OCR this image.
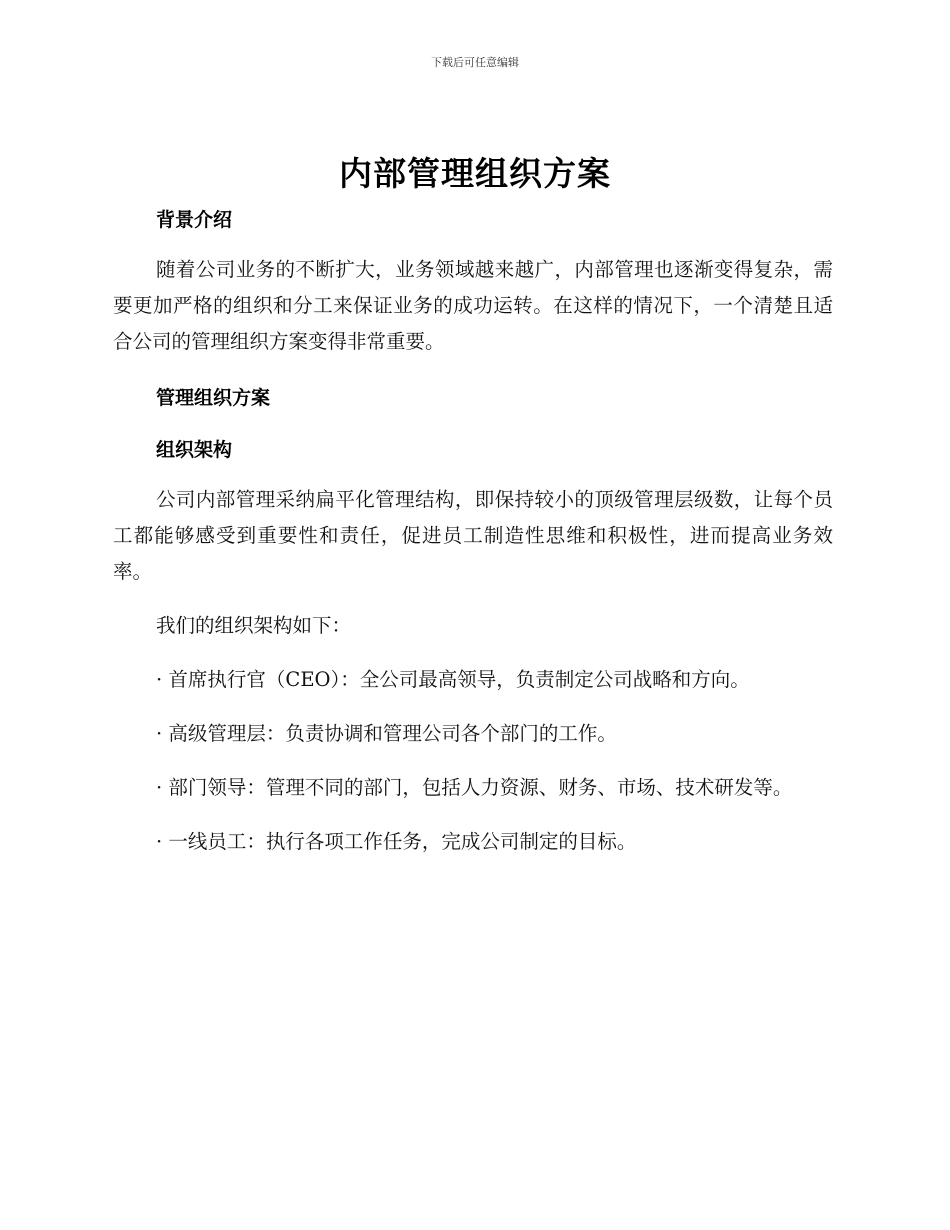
下载后可任意编辑
内部管理组织方案

背景介绍

随着公司业务的不断扩大，业务领域越来越广，内部管理也逐渐变得复杂，需要更加严格的组织和分工来保证业务的成功运转。在这样的情况下，一个清楚且适合公司的管理组织方案变得非常重要。

管理组织方案

组织架构

公司内部管理采纳扁平化管理结构，即保持较小的顶级管理层级数，让每个员工都能够感受到重要性和责任，促进员工制造性思维和积极性，进而提高业务效率。

我们的组织架构如下：

· 首席执行官（CEO）：全公司最高领导，负责制定公司战略和方向。

· 高级管理层：负责协调和管理公司各个部门的工作。

· 部门领导：管理不同的部门，包括人力资源、财务、市场、技术研发等。

· 一线员工：执行各项工作任务，完成公司制定的目标。
